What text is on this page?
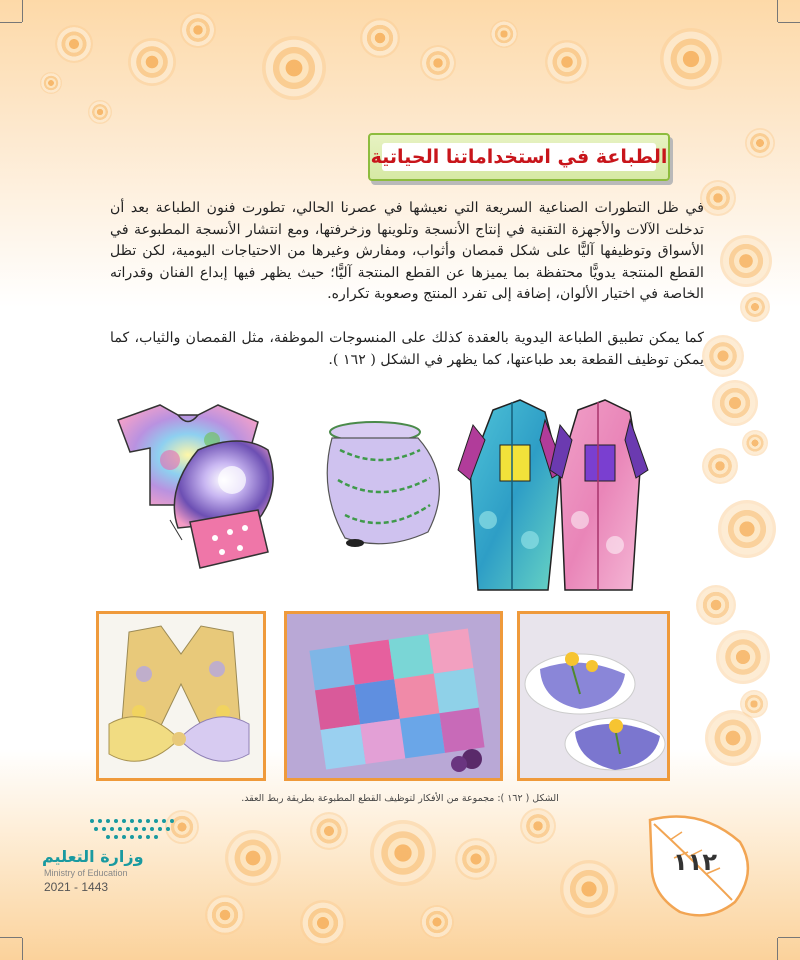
الطباعة في استخداماتنا الحياتية

في ظل التطورات الصناعية السريعة التي نعيشها في عصرنا الحالي، تطورت فنون الطباعة بعد أن تدخلت الآلات والأجهزة التقنية في إنتاج الأنسجة وتلوينها وزخرفتها، ومع انتشار الأنسجة المطبوعة في الأسواق وتوظيفها آليًّا على شكل قمصان وأثواب، ومفارش وغيرها من الاحتياجات اليومية، لكن تظل القطع المنتجة يدويًّا محتفظة بما يميزها عن القطع المنتجة آليًّا؛ حيث يظهر فيها إبداع الفنان وقدراته الخاصة في اختيار الألوان، إضافة إلى تفرد المنتج وصعوبة تكراره.

كما يمكن تطبيق الطباعة اليدوية بالعقدة كذلك على المنسوجات الموظفة، مثل القمصان والثياب، كما يمكن توظيف القطعة بعد طباعتها، كما يظهر في الشكل ( ١٦٢ ).

الشكل ( ١٦٢ ): مجموعة من الأفكار لتوظيف القطع المطبوعة بطريقة ربط العقد.
وزارة التعليم
Ministry of Education
2021 - 1443
١١٢
